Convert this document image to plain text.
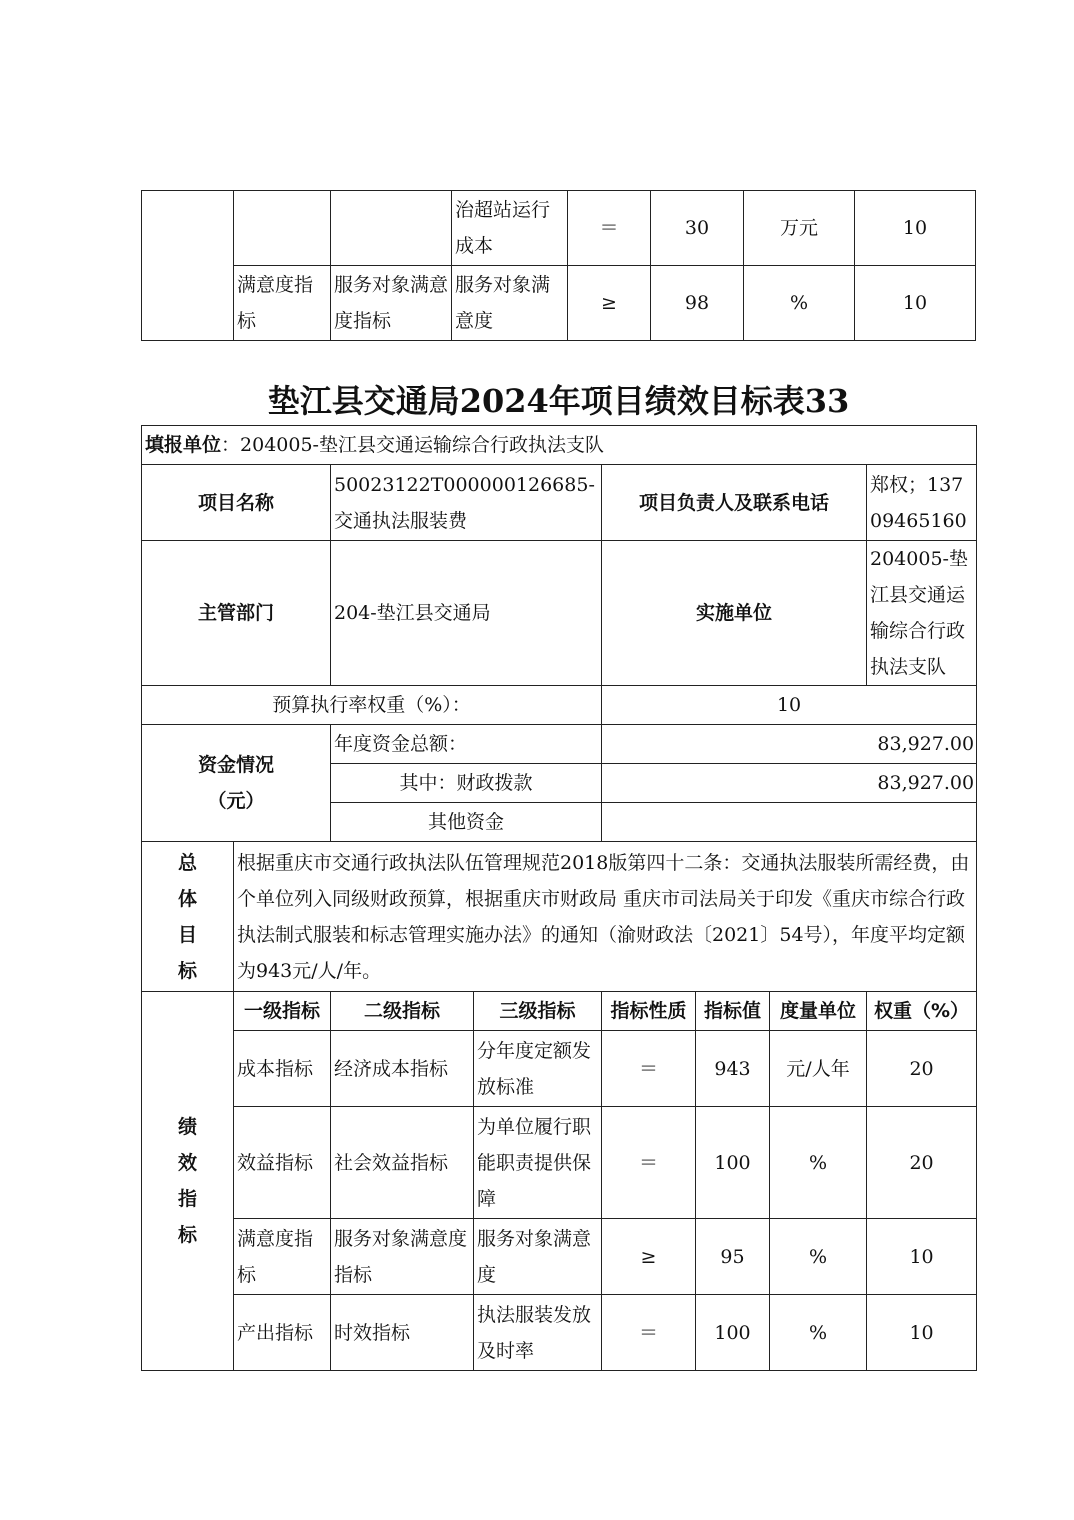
			治超站运行成本	＝	30	万元	10
	满意度指标	服务对象满意度指标	服务对象满意度	≥	98	%	10
垫江县交通局2024年项目绩效目标表33
填报单位：204005-垫江县交通运输综合行政执法支队							
项目名称		50023122T000000126685-交通执法服装费		项目负责人及联系电话			郑权；13709465160
主管部门		204-垫江县交通局		实施单位			204005-垫江县交通运输综合行政执法支队
预算执行率权重（%）：				10			

资金情况
（元）		年度资金总额：		83,927.00			
		其中：财政拨款		83,927.00			
		其他资金					

总
体
目
标	根据重庆市交通行政执法队伍管理规范2018版第四十二条：交通执法服装所需经费，由个单位列入同级财政预算，根据重庆市财政局 重庆市司法局关于印发《重庆市综合行政执法制式服装和标志管理实施办法》的通知（渝财政法〔2021〕54号），年度平均定额为943元/人/年。						

绩
效
指
标	一级指标	二级指标	三级指标	指标性质	指标值	度量单位	权重（%）
	成本指标	经济成本指标	分年度定额发放标准	＝	943	元/人年	20
	效益指标	社会效益指标	为单位履行职能职责提供保障	＝	100	%	20
	满意度指标	服务对象满意度指标	服务对象满意度	≥	95	%	10
	产出指标	时效指标	执法服装发放及时率	＝	100	%	10
